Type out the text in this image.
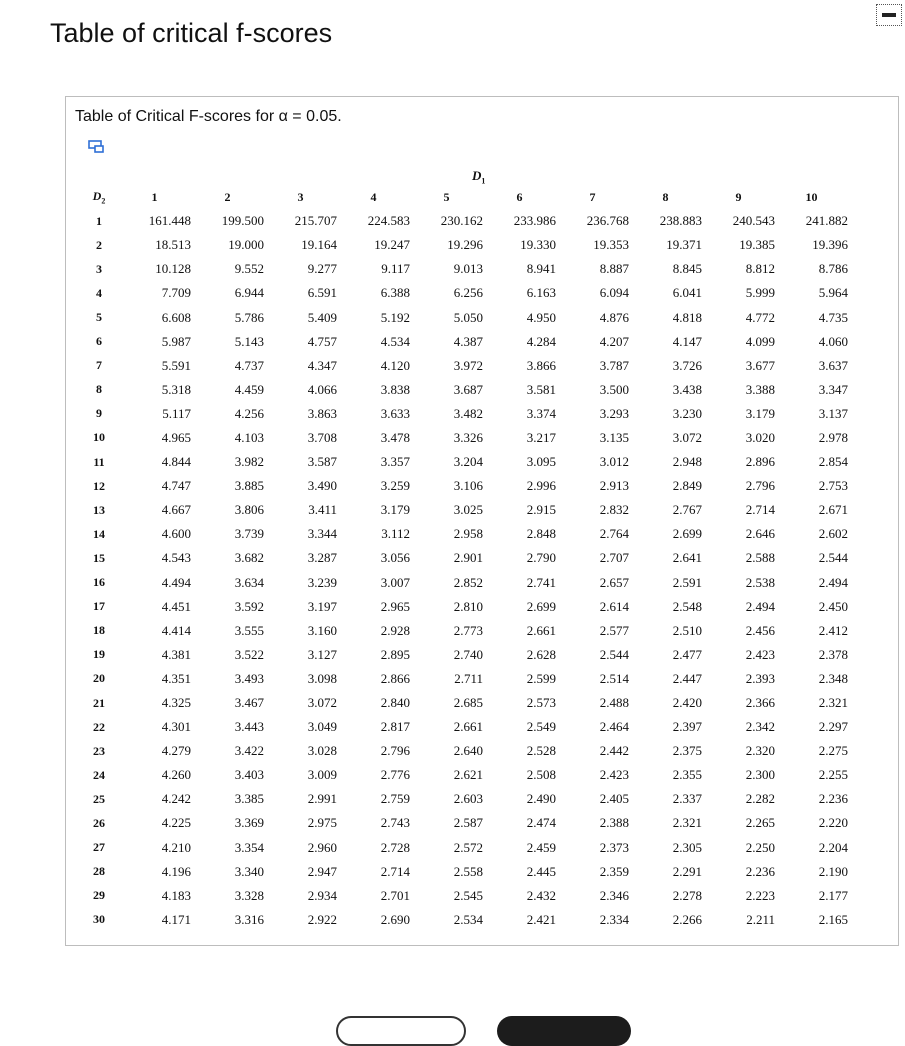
Table of critical f-scores
Table of Critical F-scores for α = 0.05.
$D_1$
$D_2$	1	2	3	4	5	6	7	8	9	10
1	161.448	199.500	215.707	224.583	230.162	233.986	236.768	238.883	240.543	241.882
2	18.513	19.000	19.164	19.247	19.296	19.330	19.353	19.371	19.385	19.396
3	10.128	9.552	9.277	9.117	9.013	8.941	8.887	8.845	8.812	8.786
4	7.709	6.944	6.591	6.388	6.256	6.163	6.094	6.041	5.999	5.964
5	6.608	5.786	5.409	5.192	5.050	4.950	4.876	4.818	4.772	4.735
6	5.987	5.143	4.757	4.534	4.387	4.284	4.207	4.147	4.099	4.060
7	5.591	4.737	4.347	4.120	3.972	3.866	3.787	3.726	3.677	3.637
8	5.318	4.459	4.066	3.838	3.687	3.581	3.500	3.438	3.388	3.347
9	5.117	4.256	3.863	3.633	3.482	3.374	3.293	3.230	3.179	3.137
10	4.965	4.103	3.708	3.478	3.326	3.217	3.135	3.072	3.020	2.978
11	4.844	3.982	3.587	3.357	3.204	3.095	3.012	2.948	2.896	2.854
12	4.747	3.885	3.490	3.259	3.106	2.996	2.913	2.849	2.796	2.753
13	4.667	3.806	3.411	3.179	3.025	2.915	2.832	2.767	2.714	2.671
14	4.600	3.739	3.344	3.112	2.958	2.848	2.764	2.699	2.646	2.602
15	4.543	3.682	3.287	3.056	2.901	2.790	2.707	2.641	2.588	2.544
16	4.494	3.634	3.239	3.007	2.852	2.741	2.657	2.591	2.538	2.494
17	4.451	3.592	3.197	2.965	2.810	2.699	2.614	2.548	2.494	2.450
18	4.414	3.555	3.160	2.928	2.773	2.661	2.577	2.510	2.456	2.412
19	4.381	3.522	3.127	2.895	2.740	2.628	2.544	2.477	2.423	2.378
20	4.351	3.493	3.098	2.866	2.711	2.599	2.514	2.447	2.393	2.348
21	4.325	3.467	3.072	2.840	2.685	2.573	2.488	2.420	2.366	2.321
22	4.301	3.443	3.049	2.817	2.661	2.549	2.464	2.397	2.342	2.297
23	4.279	3.422	3.028	2.796	2.640	2.528	2.442	2.375	2.320	2.275
24	4.260	3.403	3.009	2.776	2.621	2.508	2.423	2.355	2.300	2.255
25	4.242	3.385	2.991	2.759	2.603	2.490	2.405	2.337	2.282	2.236
26	4.225	3.369	2.975	2.743	2.587	2.474	2.388	2.321	2.265	2.220
27	4.210	3.354	2.960	2.728	2.572	2.459	2.373	2.305	2.250	2.204
28	4.196	3.340	2.947	2.714	2.558	2.445	2.359	2.291	2.236	2.190
29	4.183	3.328	2.934	2.701	2.545	2.432	2.346	2.278	2.223	2.177
30	4.171	3.316	2.922	2.690	2.534	2.421	2.334	2.266	2.211	2.165
